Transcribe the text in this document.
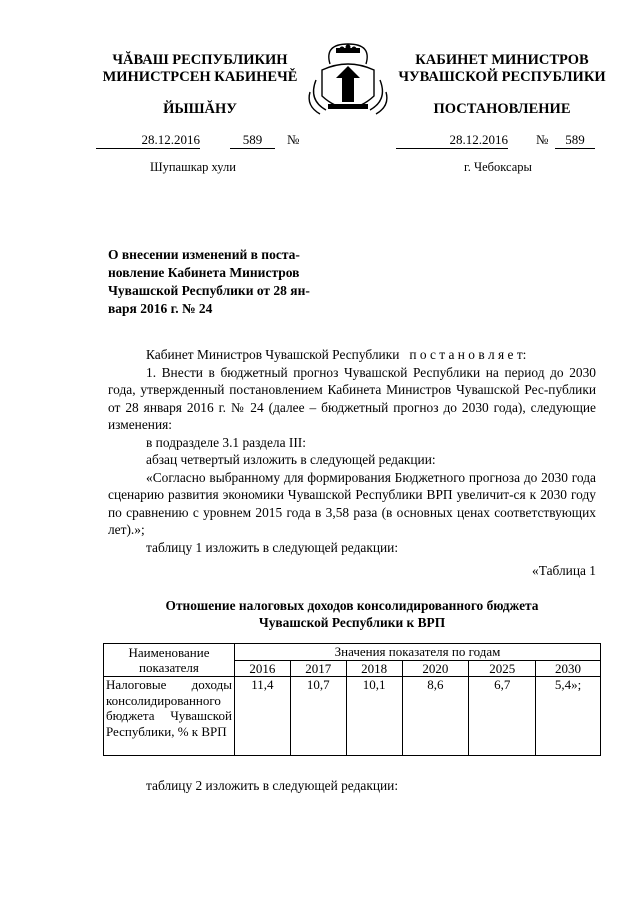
ЧĂВАШ РЕСПУБЛИКИН
МИНИСТРСЕН КАБИНЕЧĚ
ЙЫШĂНУ
КАБИНЕТ МИНИСТРОВ
ЧУВАШСКОЙ РЕСПУБЛИКИ
ПОСТАНОВЛЕНИЕ
28.12.2016	589	№	28.12.2016 №	589
Шупашкар хули	г. Чебоксары
О внесении изменений в поста-
новление Кабинета Министров
Чувашской Республики от 28 ян-
варя 2016 г. № 24

Кабинет Министров Чувашской Республики п о с т а н о в л я е т:

1. Внести в бюджетный прогноз Чувашской Республики на период до 2030 года, утвержденный постановлением Кабинета Министров Чувашской Рес-публики от 28 января 2016 г. № 24 (далее – бюджетный прогноз до 2030 года), следующие изменения:

в подразделе 3.1 раздела III:

абзац четвертый изложить в следующей редакции:

«Согласно выбранному для формирования Бюджетного прогноза до 2030 года сценарию развития экономики Чувашской Республики ВРП увеличит-ся к 2030 году по сравнению с уровнем 2015 года в 3,58 раза (в основных ценах соответствующих лет).»;

таблицу 1 изложить в следующей редакции:

«Таблица 1
Отношение налоговых доходов консолидированного бюджета
Чувашской Республики к ВРП
Наименование показателя	Значения показателя по годам					
	2016	2017	2018	2020	2025	2030
Налоговые доходы консолидированного бюджета Чувашской Республики, % к ВРП	11,4	10,7	10,1	8,6	6,7	5,4»;
таблицу 2 изложить в следующей редакции:
